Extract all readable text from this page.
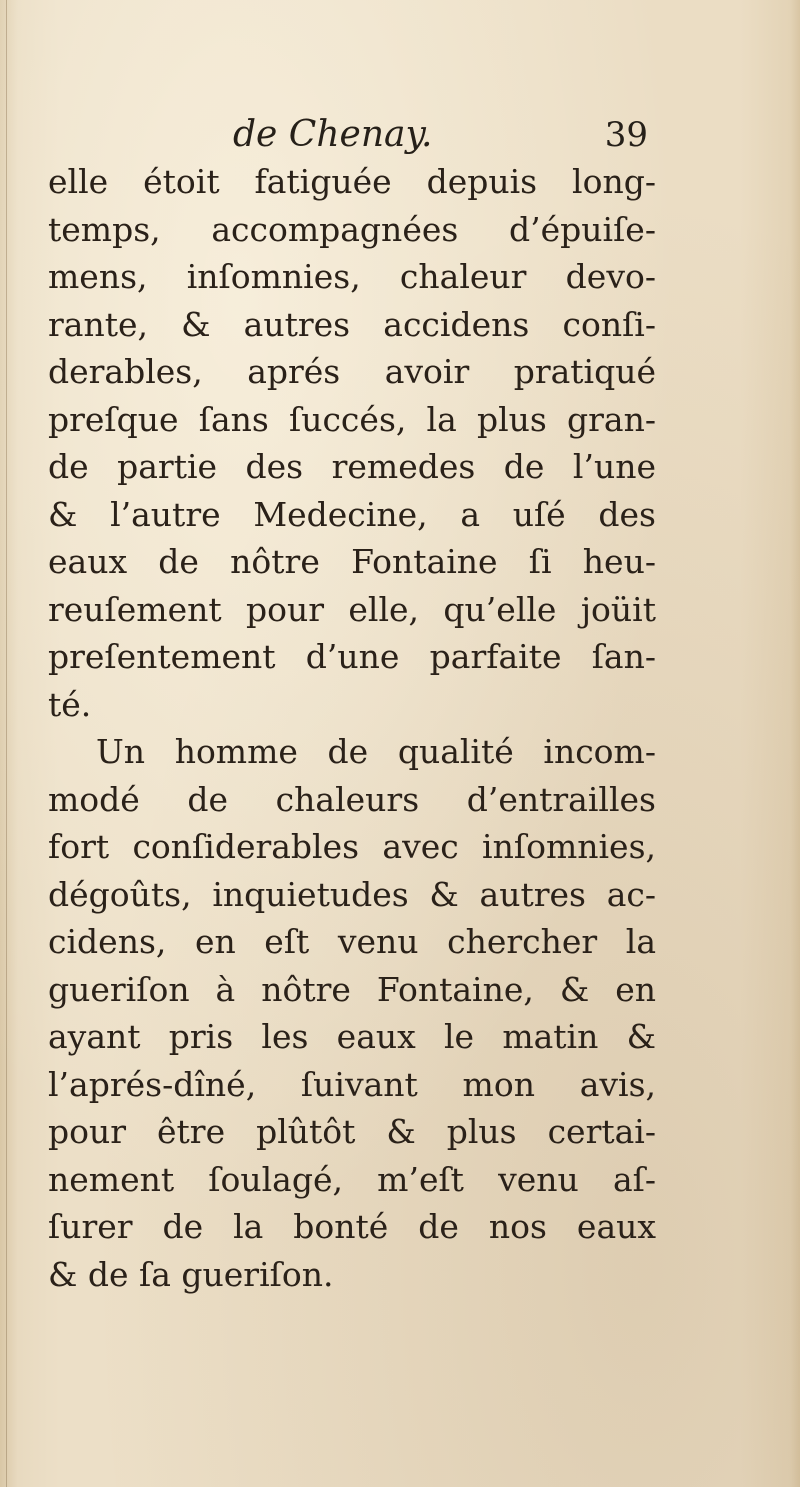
de Chenay.	39
elle étoit fatiguée depuis long-
temps, accompagnées d’épuiſe-
mens, inſomnies, chaleur devo-
rante, & autres accidens conſi-
derables, aprés avoir pratiqué
preſque ſans ſuccés, la plus gran-
de partie des remedes de l’une
& l’autre Medecine, a uſé des
eaux de nôtre Fontaine ſi heu-
reuſement pour elle, qu’elle joüit
preſentement d’une parfaite ſan-
té.
Un homme de qualité incom-
modé de chaleurs d’entrailles
fort conſiderables avec inſomnies,
dégoûts, inquietudes & autres ac-
cidens, en eſt venu chercher la
gueriſon à nôtre Fontaine, & en
ayant pris les eaux le matin &
l’aprés-dîné, ſuivant mon avis,
pour être plûtôt & plus certai-
nement ſoulagé, m’eſt venu aſ-
ſurer de la bonté de nos eaux
& de ſa gueriſon.
